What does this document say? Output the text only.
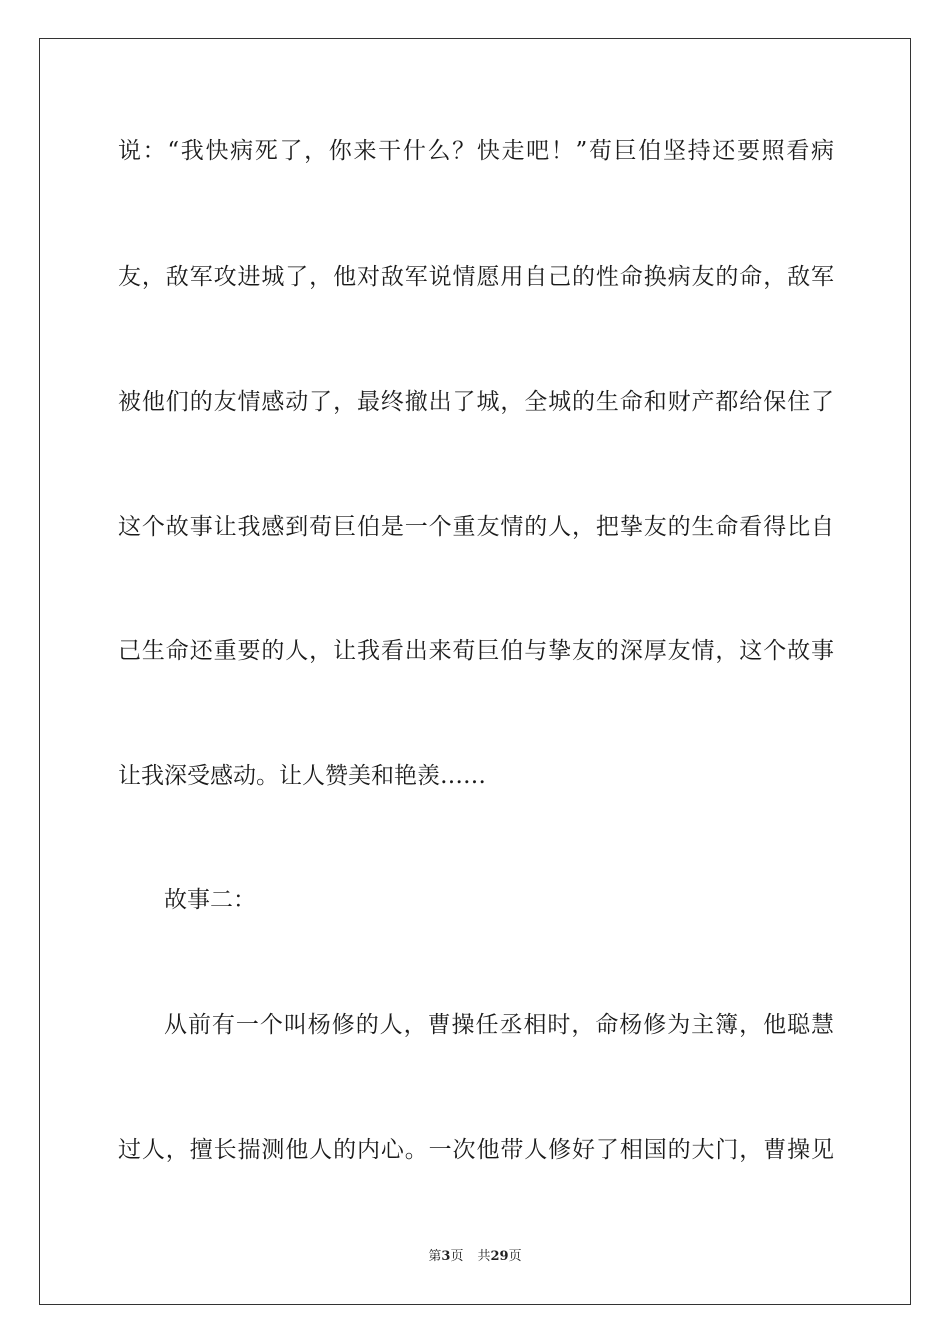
说：“我快病死了，你来干什么？快走吧！”荀巨伯坚持还要照看病
友，敌军攻进城了，他对敌军说情愿用自己的性命换病友的命，敌军
被他们的友情感动了，最终撤出了城，全城的生命和财产都给保住了
这个故事让我感到荀巨伯是一个重友情的人，把挚友的生命看得比自
己生命还重要的人，让我看出来荀巨伯与挚友的深厚友情，这个故事
让我深受感动。让人赞美和艳羡……
故事二：
从前有一个叫杨修的人，曹操任丞相时，命杨修为主簿，他聪慧
过人，擅长揣测他人的内心。一次他带人修好了相国的大门，曹操见
第3页 共29页
